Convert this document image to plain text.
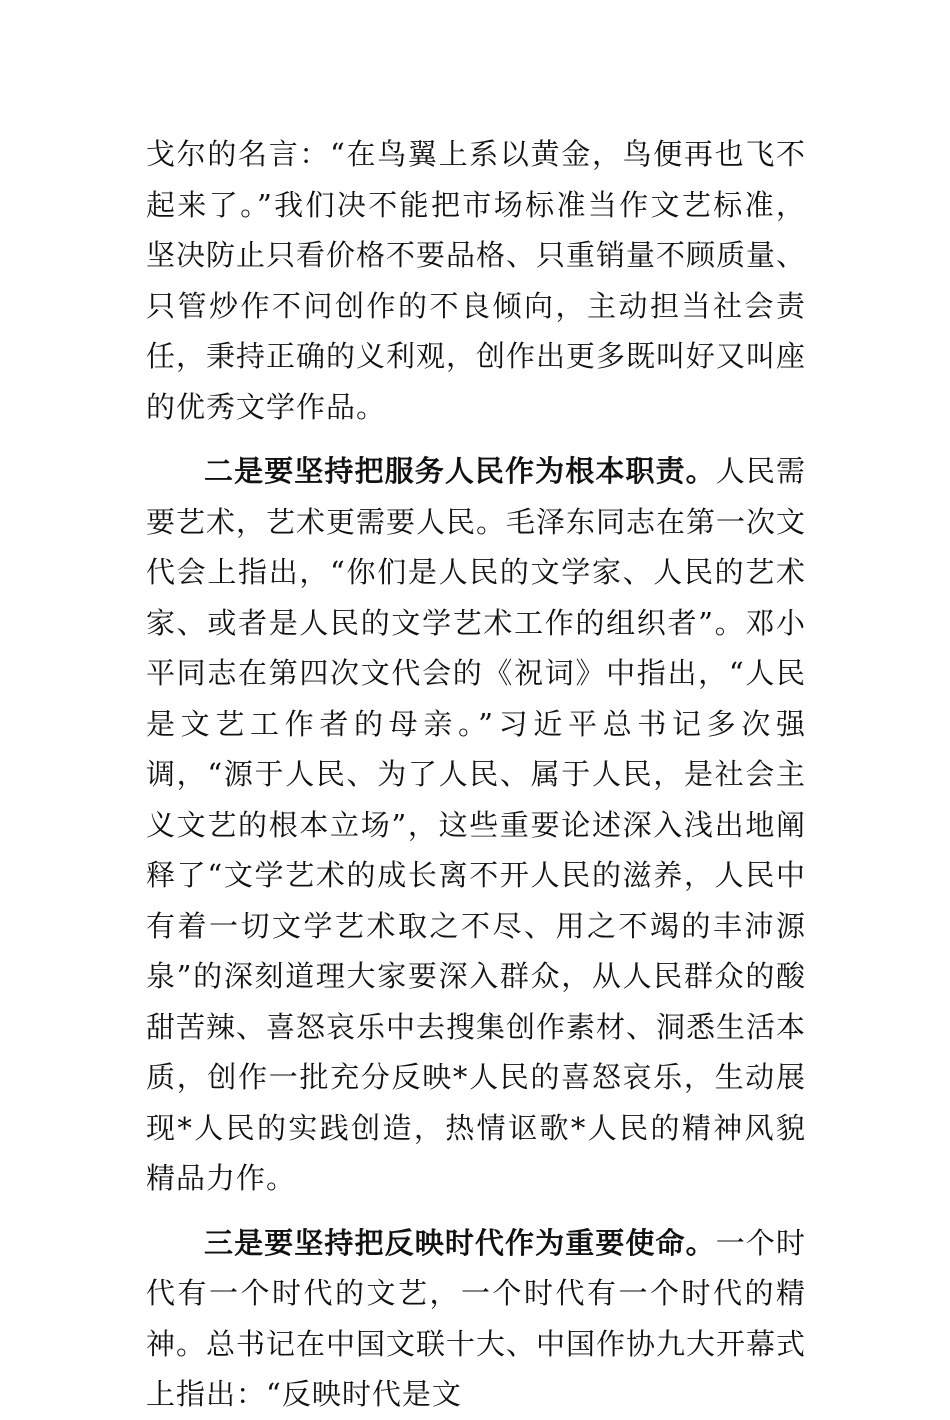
戈尔的名言：“在鸟翼上系以黄金，鸟便再也飞不起来了。”我们决不能把市场标准当作文艺标准，坚决防止只看价格不要品格、只重销量不顾质量、只管炒作不问创作的不良倾向，主动担当社会责任，秉持正确的义利观，创作出更多既叫好又叫座的优秀文学作品。

二是要坚持把服务人民作为根本职责。人民需要艺术，艺术更需要人民。毛泽东同志在第一次文代会上指出，“你们是人民的文学家、人民的艺术家、或者是人民的文学艺术工作的组织者”。邓小平同志在第四次文代会的《祝词》中指出，“人民是文艺工作者的母亲。”习近平总书记多次强调，“源于人民、为了人民、属于人民，是社会主义文艺的根本立场”，这些重要论述深入浅出地阐释了“文学艺术的成长离不开人民的滋养，人民中有着一切文学艺术取之不尽、用之不竭的丰沛源泉”的深刻道理大家要深入群众，从人民群众的酸甜苦辣、喜怒哀乐中去搜集创作素材、洞悉生活本质，创作一批充分反映*人民的喜怒哀乐，生动展现*人民的实践创造，热情讴歌*人民的精神风貌精品力作。

三是要坚持把反映时代作为重要使命。一个时代有一个时代的文艺，一个时代有一个时代的精神。总书记在中国文联十大、中国作协九大开幕式上指出：“反映时代是文
